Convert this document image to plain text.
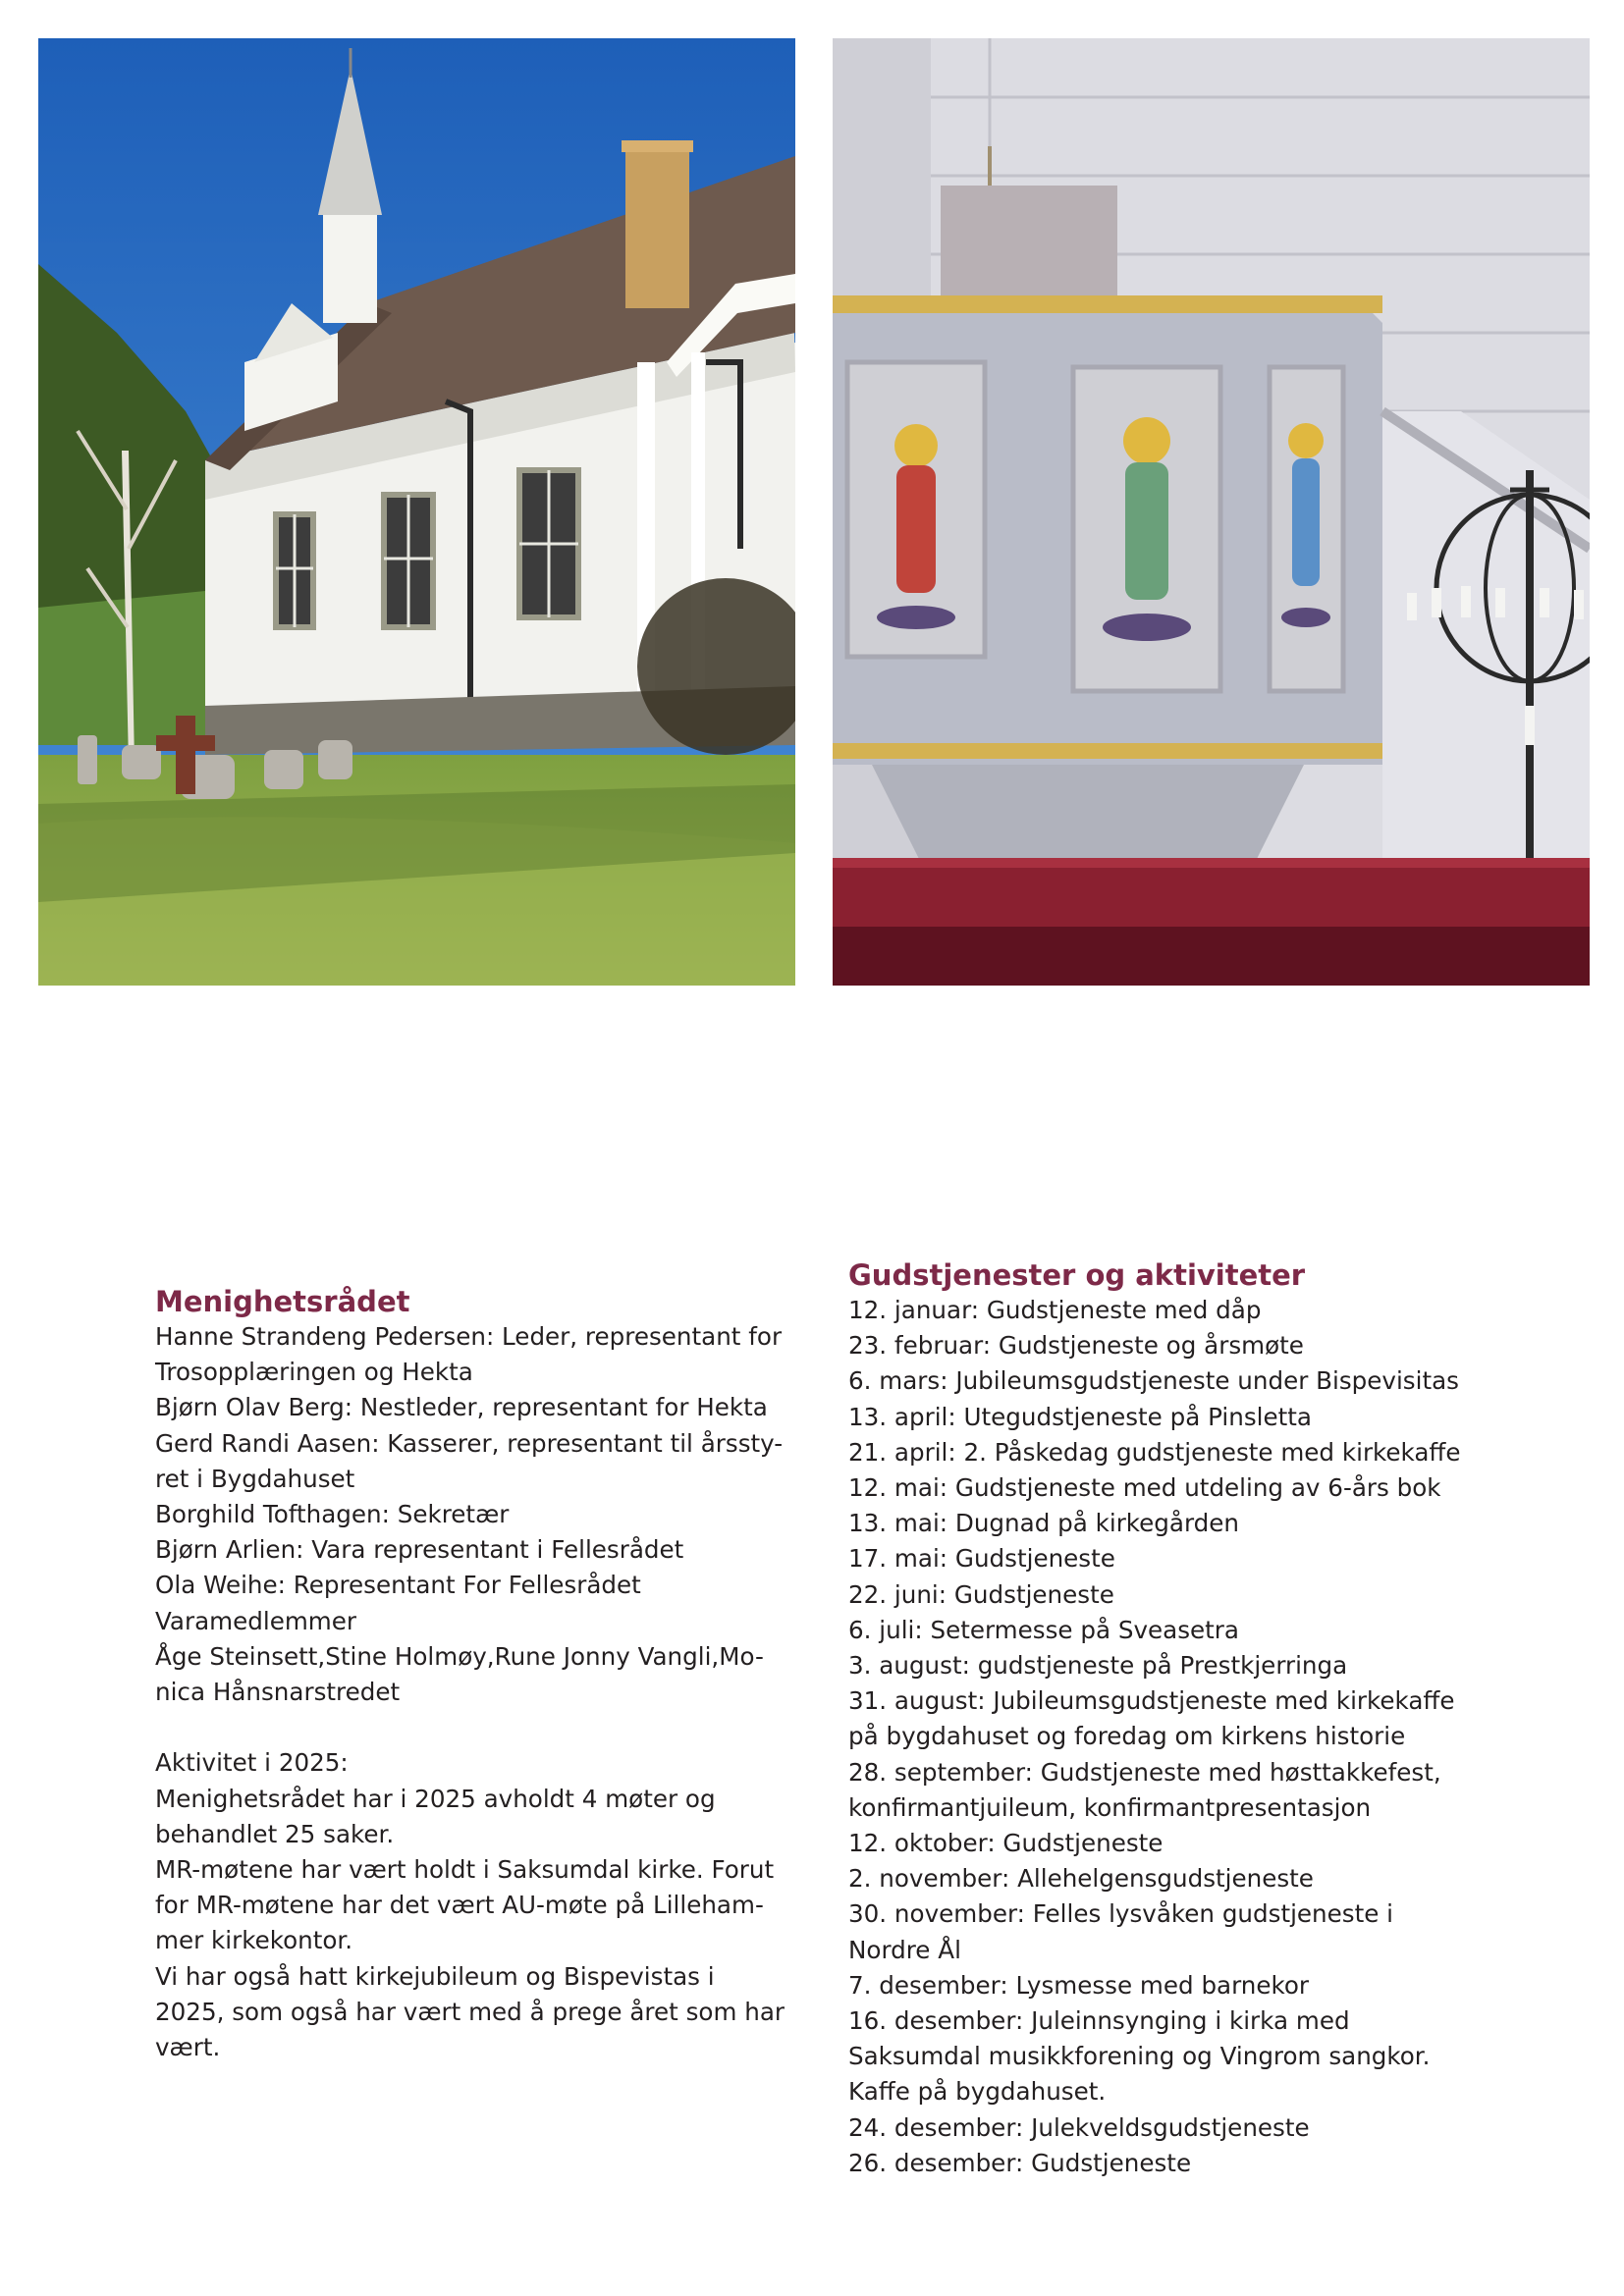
Menighetsrådet
Hanne Strandeng Pedersen: Leder, representant for
Trosopplæringen og Hekta
Bjørn Olav Berg: Nestleder, representant for Hekta
Gerd Randi Aasen: Kasserer, representant til årssty-
ret i Bygdahuset
Borghild Tofthagen: Sekretær
Bjørn Arlien: Vara representant i Fellesrådet
Ola Weihe: Representant For Fellesrådet
Varamedlemmer
Åge Steinsett,Stine Holmøy,Rune Jonny Vangli,Mo-
nica Hånsnarstredet
Aktivitet i 2025:
Menighetsrådet har i 2025 avholdt 4 møter og
behandlet 25 saker.
MR-møtene har vært holdt i Saksumdal kirke. Forut
for MR-møtene har det vært AU-møte på Lilleham-
mer kirkekontor.
Vi har også hatt kirkejubileum og Bispevistas i
2025, som også har vært med å prege året som har
vært.
Gudstjenester og aktiviteter
12. januar: Gudstjeneste med dåp
23. februar: Gudstjeneste og årsmøte
6. mars: Jubileumsgudstjeneste under Bispevisitas
13. april: Utegudstjeneste på Pinsletta
21. april: 2. Påskedag gudstjeneste med kirkekaffe
12. mai: Gudstjeneste med utdeling av 6-års bok
13. mai: Dugnad på kirkegården
17. mai: Gudstjeneste
22. juni: Gudstjeneste
6. juli: Setermesse på Sveasetra
3. august: gudstjeneste på Prestkjerringa
31. august: Jubileumsgudstjeneste med kirkekaffe
på bygdahuset og foredag om kirkens historie
28. september: Gudstjeneste med høsttakkefest,
konfirmantjuileum, konfirmantpresentasjon
12. oktober: Gudstjeneste
2. november: Allehelgensgudstjeneste
30. november: Felles lysvåken gudstjeneste i
Nordre Ål
7. desember: Lysmesse med barnekor
16. desember: Juleinnsynging i kirka med
Saksumdal musikkforening og Vingrom sangkor.
Kaffe på bygdahuset.
24. desember: Julekveldsgudstjeneste
26. desember: Gudstjeneste
